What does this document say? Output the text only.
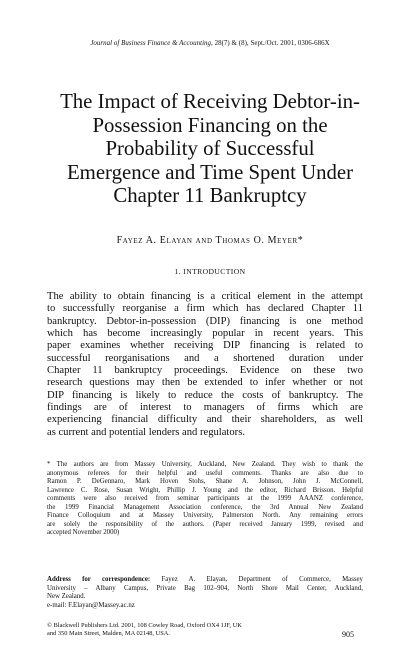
Journal of Business Finance & Accounting, 28(7) & (8), Sept./Oct. 2001, 0306-686X
The Impact of Receiving Debtor-in-
Possession Financing on the
Probability of Successful
Emergence and Time Spent Under
Chapter 11 Bankruptcy
Fayez A. Elayan and Thomas O. Meyer*
1. INTRODUCTION

The ability to obtain financing is a critical element in the attempt
to successfully reorganise a firm which has declared Chapter 11
bankruptcy. Debtor-in-possession (DIP) financing is one method
which has become increasingly popular in recent years. This
paper examines whether receiving DIP financing is related to
successful reorganisations and a shortened duration under
Chapter 11 bankruptcy proceedings. Evidence on these two
research questions may then be extended to infer whether or not
DIP financing is likely to reduce the costs of bankruptcy. The
findings are of interest to managers of firms which are
experiencing financial difficulty and their shareholders, as well
as current and potential lenders and regulators.

* The authors are from Massey University, Auckland, New Zealand. They wish to thank the
anonymous referees for their helpful and useful comments. Thanks are also due to
Ramon P. DeGennaro, Mark Hoven Stohs, Shane A. Johnson, John J. McConnell,
Lawrence C. Rose, Susan Wright, Phillip J. Young and the editor, Richard Brisson. Helpful
comments were also received from seminar participants at the 1999 AAANZ conference,
the 1999 Financial Management Association conference, the 3rd Annual New Zealand
Finance Colloquium and at Massey University, Palmerston North. Any remaining errors
are solely the responsibility of the authors. (Paper received January 1999, revised and
accepted November 2000)

Address for correspondence: Fayez A. Elayan, Department of Commerce, Massey
University – Albany Campus, Private Bag 102–904, North Shore Mail Center, Auckland,
New Zealand.
e-mail: F.Elayan@Massey.ac.nz

© Blackwell Publishers Ltd. 2001, 108 Cowley Road, Oxford OX4 1JF, UK
and 350 Main Street, Malden, MA 02148, USA.	905
